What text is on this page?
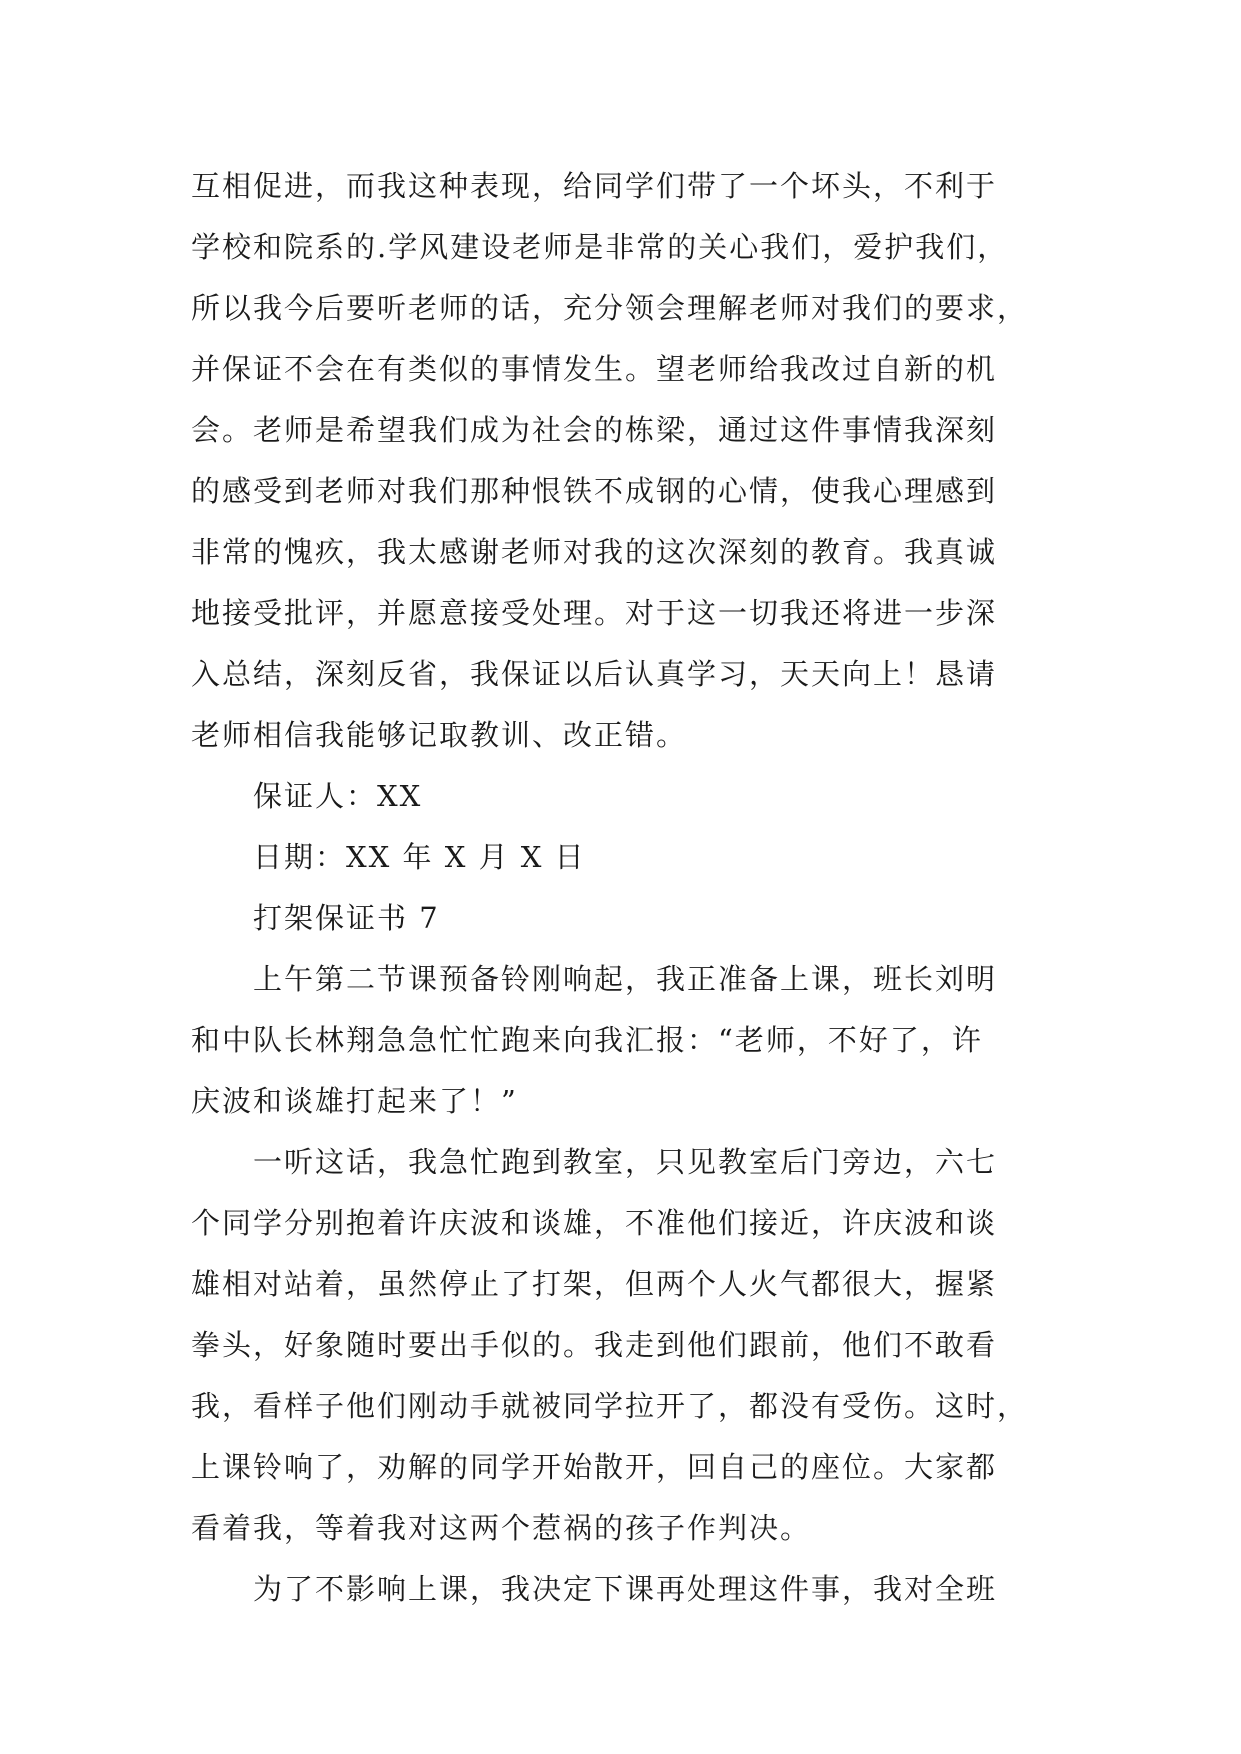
互相促进，而我这种表现，给同学们带了一个坏头，不利于
学校和院系的.学风建设老师是非常的关心我们，爱护我们，
所以我今后要听老师的话，充分领会理解老师对我们的要求，
并保证不会在有类似的事情发生。望老师给我改过自新的机
会。老师是希望我们成为社会的栋梁，通过这件事情我深刻
的感受到老师对我们那种恨铁不成钢的心情，使我心理感到
非常的愧疚，我太感谢老师对我的这次深刻的教育。我真诚
地接受批评，并愿意接受处理。对于这一切我还将进一步深
入总结，深刻反省，我保证以后认真学习，天天向上！恳请
老师相信我能够记取教训、改正错。
保证人：XX
日期：XX 年 X 月 X 日
打架保证书 7
上午第二节课预备铃刚响起，我正准备上课，班长刘明
和中队长林翔急急忙忙跑来向我汇报：“老师，不好了，许
庆波和谈雄打起来了！”
一听这话，我急忙跑到教室，只见教室后门旁边，六七
个同学分别抱着许庆波和谈雄，不准他们接近，许庆波和谈
雄相对站着，虽然停止了打架，但两个人火气都很大，握紧
拳头，好象随时要出手似的。我走到他们跟前，他们不敢看
我，看样子他们刚动手就被同学拉开了，都没有受伤。这时，
上课铃响了，劝解的同学开始散开，回自己的座位。大家都
看着我，等着我对这两个惹祸的孩子作判决。
为了不影响上课，我决定下课再处理这件事，我对全班
